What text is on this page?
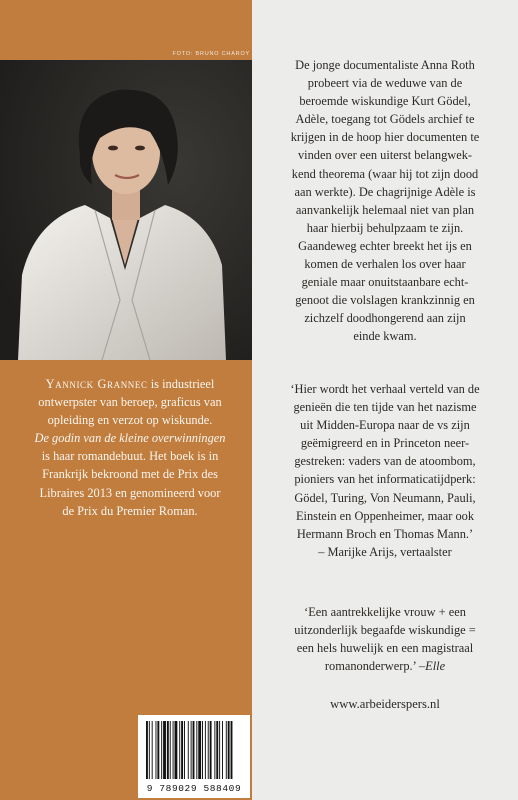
FOTO: BRUNO CHAROY
Yannick Grannec is industrieel
ontwerpster van beroep, graficus van
opleiding en verzot op wiskunde.
De godin van de kleine overwinningen
is haar romandebuut. Het boek is in
Frankrijk bekroond met de Prix des
Libraires 2013 en genomineerd voor
de Prix du Premier Roman.
9 789029 588409
De jonge documentaliste Anna Roth
probeert via de weduwe van de
beroemde wiskundige Kurt Gödel,
Adèle, toegang tot Gödels archief te
krijgen in de hoop hier documenten te
vinden over een uiterst belangwek-
kend theorema (waar hij tot zijn dood
aan werkte). De chagrijnige Adèle is
aanvankelijk helemaal niet van plan
haar hierbij behulpzaam te zijn.
Gaandeweg echter breekt het ijs en
komen de verhalen los over haar
geniale maar onuitstaanbare echt-
genoot die volslagen krankzinnig en
zichzelf doodhongerend aan zijn
einde kwam.
‘Hier wordt het verhaal verteld van de
genieën die ten tijde van het nazisme
uit Midden-Europa naar de vs zijn
geëmigreerd en in Princeton neer-
gestreken: vaders van de atoombom,
pioniers van het informaticatijdperk:
Gödel, Turing, Von Neumann, Pauli,
Einstein en Oppenheimer, maar ook
Hermann Broch en Thomas Mann.’
– Marijke Arijs, vertaalster
‘Een aantrekkelijke vrouw + een
uitzonderlijk begaafde wiskundige =
een hels huwelijk en een magistraal
romanonderwerp.’ –Elle
www.arbeiderspers.nl
